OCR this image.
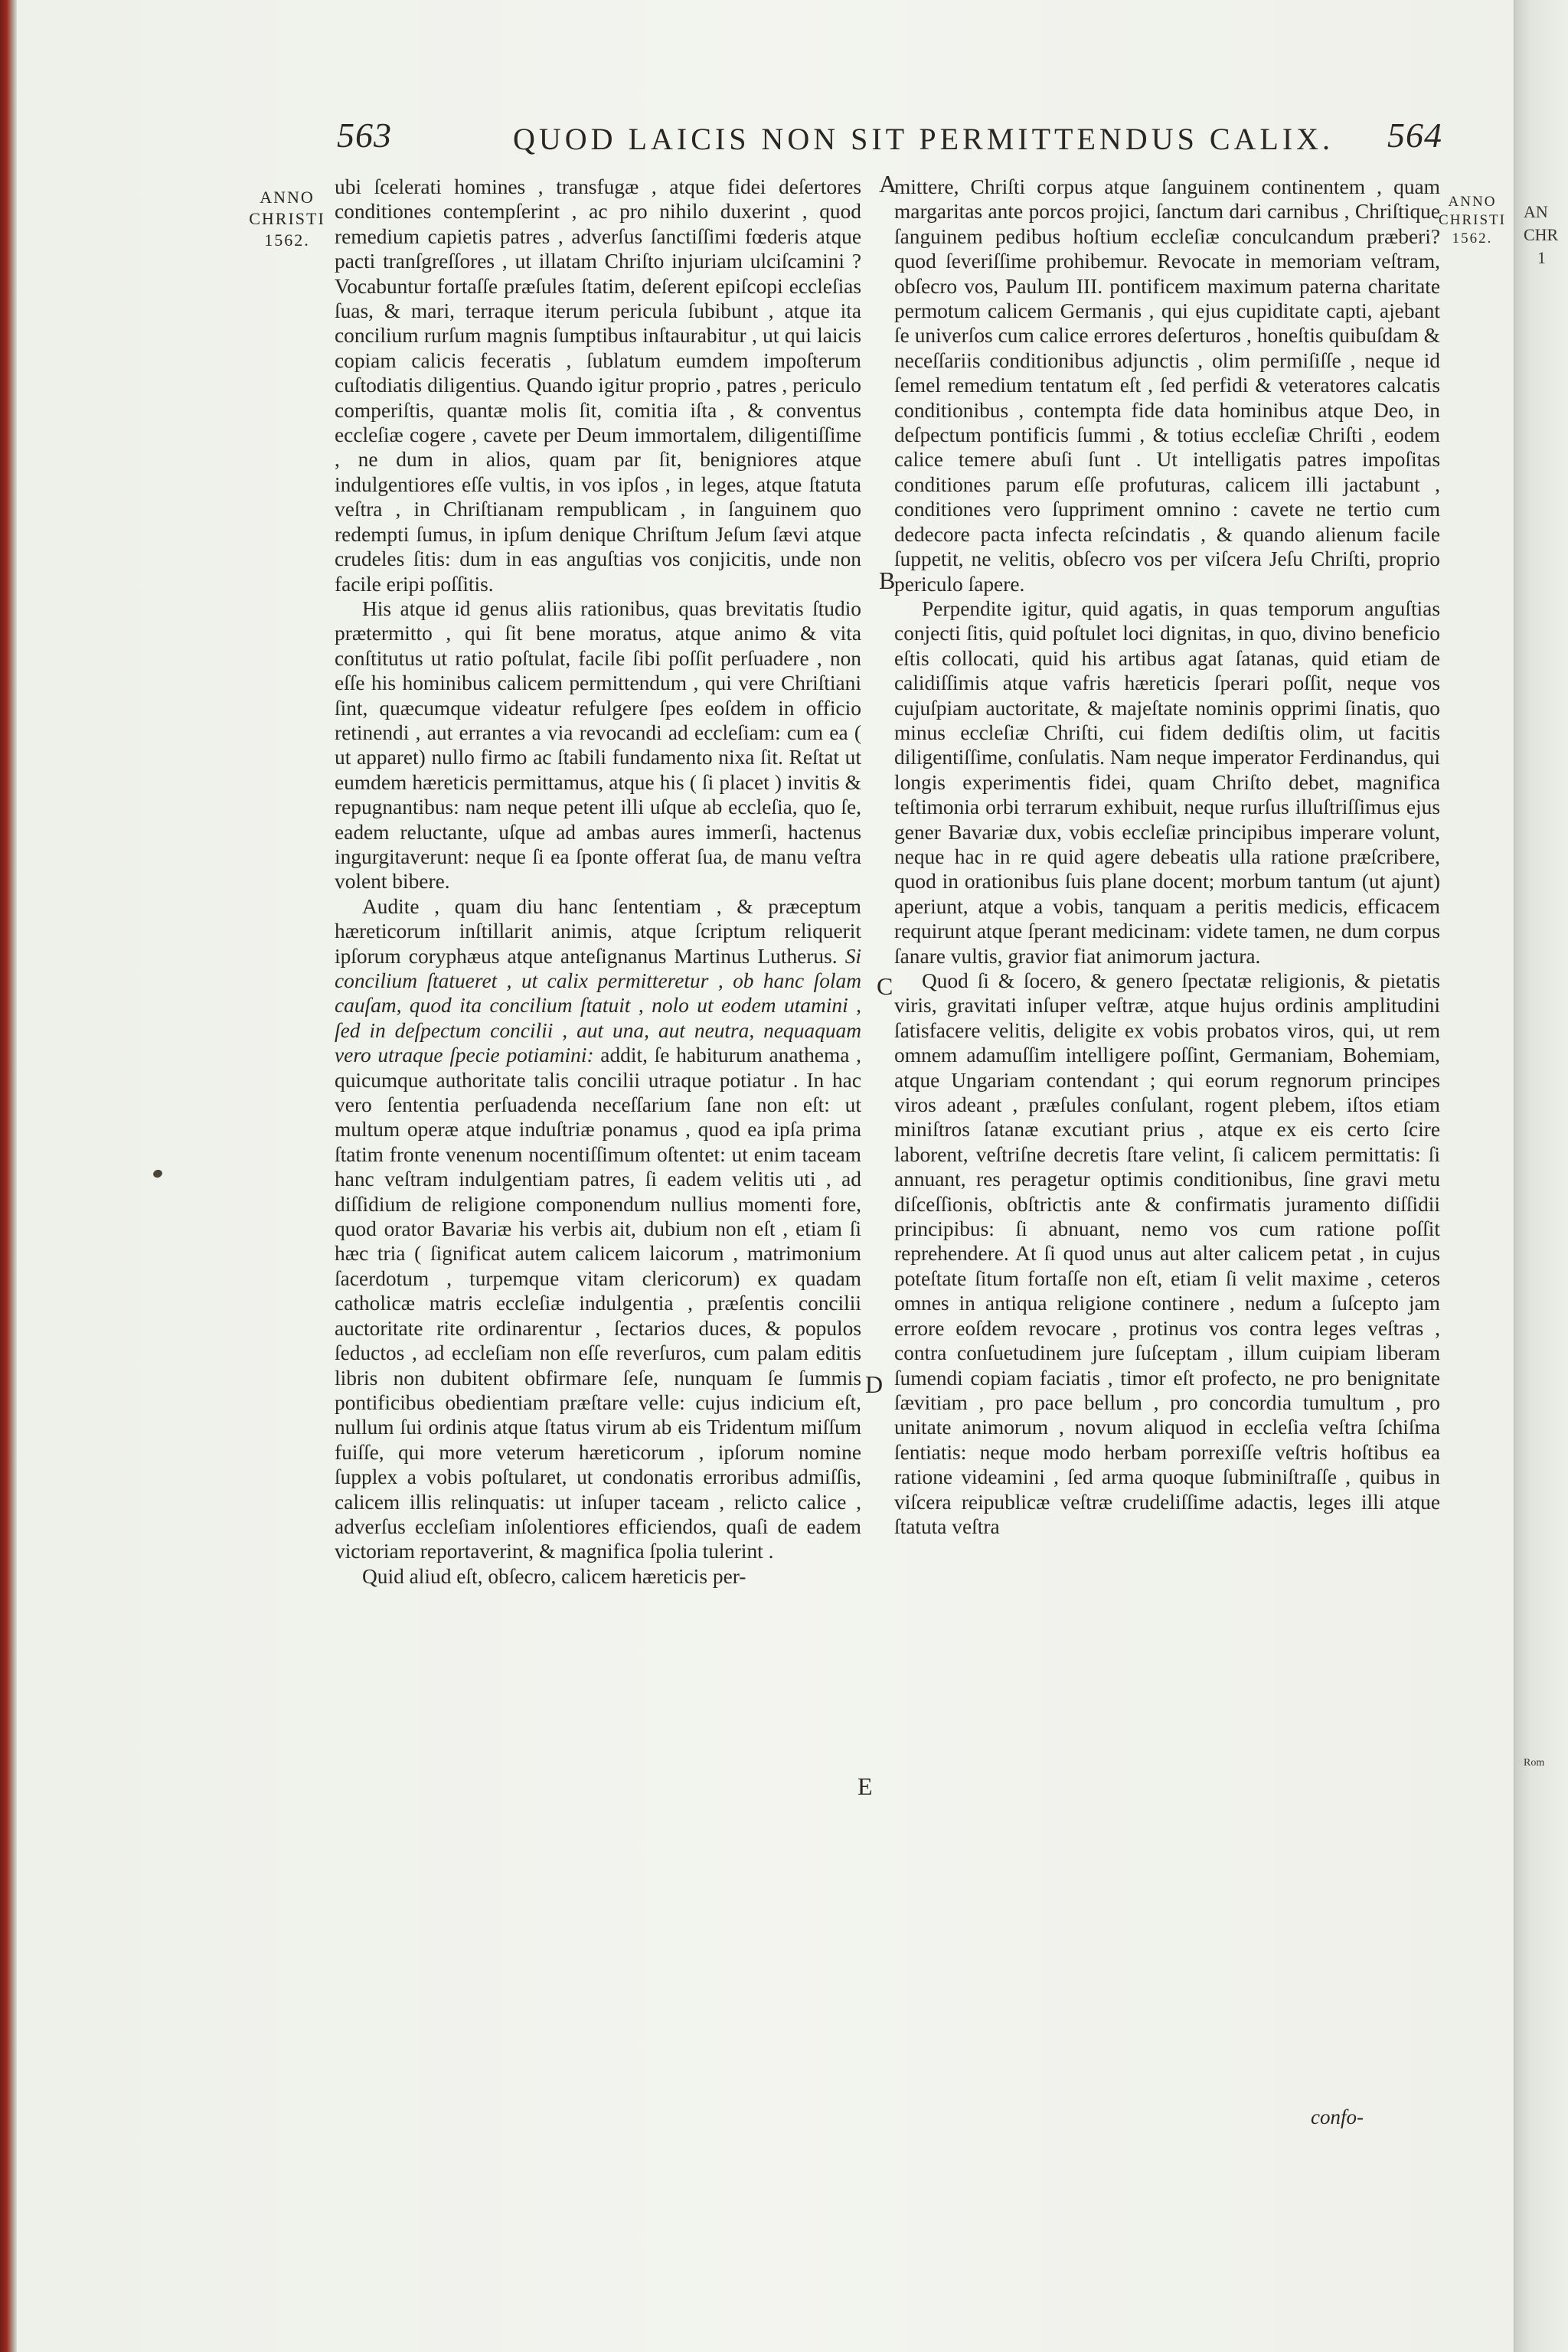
AN
CHR
1
Rom
563	QUOD LAICIS NON SIT PERMITTENDUS CALIX. 564
ANNO
CHRISTI
1562.
ANNO
CHRISTI
1562.
A
B
C
D
E

ubi ſcelerati homines , transfugæ , atque fidei deſertores conditiones contempſerint , ac pro nihilo duxerint , quod remedium capietis patres , adverſus ſanctiſſimi fœderis atque pacti tranſgreſſores , ut illatam Chriſto injuriam ulciſcamini ? Vocabuntur fortaſſe præſules ſtatim, deſerent epiſcopi eccleſias ſuas, & mari, terraque iterum pericula ſubibunt , atque ita concilium rurſum magnis ſumptibus inſtaurabitur , ut qui laicis copiam calicis feceratis , ſublatum eumdem impoſterum cuſtodiatis diligentius. Quando igitur proprio , patres , periculo comperiſtis, quantæ molis ſit, comitia iſta , & conventus eccleſiæ cogere , cavete per Deum immortalem, diligentiſſime , ne dum in alios, quam par ſit, benigniores atque indulgentiores eſſe vultis, in vos ipſos , in leges, atque ſtatuta veſtra , in Chriſtianam rempublicam , in ſanguinem quo redempti ſumus, in ipſum denique Chriſtum Jeſum ſævi atque crudeles ſitis: dum in eas anguſtias vos conjicitis, unde non facile eripi poſſitis.

His atque id genus aliis rationibus, quas brevitatis ſtudio prætermitto , qui ſit bene moratus, atque animo & vita conſtitutus ut ratio poſtulat, facile ſibi poſſit perſuadere , non eſſe his hominibus calicem permittendum , qui vere Chriſtiani ſint, quæcumque videatur refulgere ſpes eoſdem in officio retinendi , aut errantes a via revocandi ad eccleſiam: cum ea ( ut apparet) nullo firmo ac ſtabili fundamento nixa ſit. Reſtat ut eumdem hæreticis permittamus, atque his ( ſi placet ) invitis & repugnantibus: nam neque petent illi uſque ab eccleſia, quo ſe, eadem reluctante, uſque ad ambas aures immerſi, hactenus ingurgitaverunt: neque ſi ea ſponte offerat ſua, de manu veſtra volent bibere.

Audite , quam diu hanc ſententiam , & præceptum hæreticorum inſtillarit animis, atque ſcriptum reliquerit ipſorum coryphæus atque anteſignanus Martinus Lutherus. Si concilium ſtatueret , ut calix permitteretur , ob hanc ſolam cauſam, quod ita concilium ſtatuit , nolo ut eodem utamini , ſed in deſpectum concilii , aut una, aut neutra, nequaquam vero utraque ſpecie potiamini: addit, ſe habiturum anathema , quicumque authoritate talis concilii utraque potiatur . In hac vero ſententia perſuadenda neceſſarium ſane non eſt: ut multum operæ atque induſtriæ ponamus , quod ea ipſa prima ſtatim fronte venenum nocentiſſimum oſtentet: ut enim taceam hanc veſtram indulgentiam patres, ſi eadem velitis uti , ad diſſidium de religione componendum nullius momenti fore, quod orator Bavariæ his verbis ait, dubium non eſt , etiam ſi hæc tria ( ſignificat autem calicem laicorum , matrimonium ſacerdotum , turpemque vitam clericorum) ex quadam catholicæ matris eccleſiæ indulgentia , præſentis concilii auctoritate rite ordinarentur , ſectarios duces, & populos ſeductos , ad eccleſiam non eſſe reverſuros, cum palam editis libris non dubitent obfirmare ſeſe, nunquam ſe ſummis pontificibus obedientiam præſtare velle: cujus indicium eſt, nullum ſui ordinis atque ſtatus virum ab eis Tridentum miſſum fuiſſe, qui more veterum hæreticorum , ipſorum nomine ſupplex a vobis poſtularet, ut condonatis erroribus admiſſis, calicem illis relinquatis: ut inſuper taceam , relicto calice , adverſus eccleſiam inſolentiores efficiendos, quaſi de eadem victoriam reportaverint, & magnifica ſpolia tulerint .

Quid aliud eſt, obſecro, calicem hæreticis per-

mittere, Chriſti corpus atque ſanguinem continentem , quam margaritas ante porcos projici, ſanctum dari carnibus , Chriſtique ſanguinem pedibus hoſtium eccleſiæ conculcandum præberi? quod ſeveriſſime prohibemur. Revocate in memoriam veſtram, obſecro vos, Paulum III. pontificem maximum paterna charitate permotum calicem Germanis , qui ejus cupiditate capti, ajebant ſe univerſos cum calice errores deſerturos , honeſtis quibuſdam & neceſſariis conditionibus adjunctis , olim permiſiſſe , neque id ſemel remedium tentatum eſt , ſed perfidi & veteratores calcatis conditionibus , contempta fide data hominibus atque Deo, in deſpectum pontificis ſummi , & totius eccleſiæ Chriſti , eodem calice temere abuſi ſunt . Ut intelligatis patres impoſitas conditiones parum eſſe profuturas, calicem illi jactabunt , conditiones vero ſuppriment omnino : cavete ne tertio cum dedecore pacta infecta reſcindatis , & quando alienum facile ſuppetit, ne velitis, obſecro vos per viſcera Jeſu Chriſti, proprio periculo ſapere.

Perpendite igitur, quid agatis, in quas temporum anguſtias conjecti ſitis, quid poſtulet loci dignitas, in quo, divino beneficio eſtis collocati, quid his artibus agat ſatanas, quid etiam de calidiſſimis atque vafris hæreticis ſperari poſſit, neque vos cujuſpiam auctoritate, & majeſtate nominis opprimi ſinatis, quo minus eccleſiæ Chriſti, cui fidem dediſtis olim, ut facitis diligentiſſime, conſulatis. Nam neque imperator Ferdinandus, qui longis experimentis fidei, quam Chriſto debet, magnifica teſtimonia orbi terrarum exhibuit, neque rurſus illuſtriſſimus ejus gener Bavariæ dux, vobis eccleſiæ principibus imperare volunt, neque hac in re quid agere debeatis ulla ratione præſcribere, quod in orationibus ſuis plane docent; morbum tantum (ut ajunt) aperiunt, atque a vobis, tanquam a peritis medicis, efficacem requirunt atque ſperant medicinam: videte tamen, ne dum corpus ſanare vultis, gravior fiat animorum jactura.

Quod ſi & ſocero, & genero ſpectatæ religionis, & pietatis viris, gravitati inſuper veſtræ, atque hujus ordinis amplitudini ſatisfacere velitis, deligite ex vobis probatos viros, qui, ut rem omnem adamuſſim intelligere poſſint, Germaniam, Bohemiam, atque Ungariam contendant ; qui eorum regnorum principes viros adeant , præſules conſulant, rogent plebem, iſtos etiam miniſtros ſatanæ excutiant prius , atque ex eis certo ſcire laborent, veſtriſne decretis ſtare velint, ſi calicem permittatis: ſi annuant, res peragetur optimis conditionibus, ſine gravi metu diſceſſionis, obſtrictis ante & confirmatis juramento diſſidii principibus: ſi abnuant, nemo vos cum ratione poſſit reprehendere. At ſi quod unus aut alter calicem petat , in cujus poteſtate ſitum fortaſſe non eſt, etiam ſi velit maxime , ceteros omnes in antiqua religione continere , nedum a ſuſcepto jam errore eoſdem revocare , protinus vos contra leges veſtras , contra conſuetudinem jure ſuſceptam , illum cuipiam liberam ſumendi copiam faciatis , timor eſt profecto, ne pro benignitate ſævitiam , pro pace bellum , pro concordia tumultum , pro unitate animorum , novum aliquod in eccleſia veſtra ſchiſma ſentiatis: neque modo herbam porrexiſſe veſtris hoſtibus ea ratione videamini , ſed arma quoque ſubminiſtraſſe , quibus in viſcera reipublicæ veſtræ crudeliſſime adactis, leges illi atque ſtatuta veſtra

confo-
